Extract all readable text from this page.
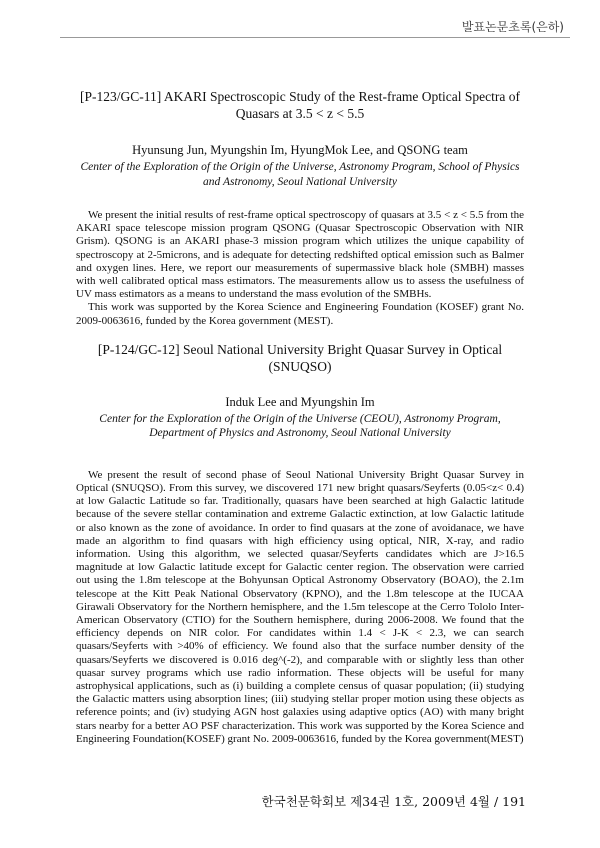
발표논문초록(은하)

[P-123/GC-11] AKARI Spectroscopic Study of the Rest-frame Optical Spectra of Quasars at 3.5 < z < 5.5

Hyunsung Jun, Myungshin Im, HyungMok Lee, and QSONG team

Center of the Exploration of the Origin of the Universe, Astronomy Program, School of Physics and Astronomy, Seoul National University

We present the initial results of rest-frame optical spectroscopy of quasars at 3.5 < z < 5.5 from the AKARI space telescope mission program QSONG (Quasar Spectroscopic Observation with NIR Grism). QSONG is an AKARI phase-3 mission program which utilizes the unique capability of spectroscopy at 2-5microns, and is adequate for detecting redshifted optical emission such as Balmer and oxygen lines. Here, we report our measurements of supermassive black hole (SMBH) masses with well calibrated optical mass estimators. The measurements allow us to assess the usefulness of UV mass estimators as a means to understand the mass evolution of the SMBHs.

This work was supported by the Korea Science and Engineering Foundation (KOSEF) grant No. 2009-0063616, funded by the Korea government (MEST).

[P-124/GC-12] Seoul National University Bright Quasar Survey in Optical (SNUQSO)

Induk Lee and Myungshin Im

Center for the Exploration of the Origin of the Universe (CEOU), Astronomy Program, Department of Physics and Astronomy, Seoul National University

We present the result of second phase of Seoul National University Bright Quasar Survey in Optical (SNUQSO). From this survey, we discovered 171 new bright quasars/Seyferts (0.05<z< 0.4) at low Galactic Latitude so far. Traditionally, quasars have been searched at high Galactic latitude because of the severe stellar contamination and extreme Galactic extinction, at low Galactic latitude or also known as the zone of avoidance. In order to find quasars at the zone of avoidanace, we have made an algorithm to find quasars with high efficiency using optical, NIR, X-ray, and radio information. Using this algorithm, we selected quasar/Seyferts candidates which are J>16.5 magnitude at low Galactic latitude except for Galactic center region. The observation were carried out using the 1.8m telescope at the Bohyunsan Optical Astronomy Observatory (BOAO), the 2.1m telescope at the Kitt Peak National Observatory (KPNO), and the 1.8m telescope at the IUCAA Girawali Observatory for the Northern hemisphere, and the 1.5m telescope at the Cerro Tololo Inter-American Observatory (CTIO) for the Southern hemisphere, during 2006-2008. We found that the efficiency depends on NIR color. For candidates within 1.4 < J-K < 2.3, we can search quasars/Seyferts with >40% of efficiency. We found also that the surface number density of the quasars/Seyferts we discovered is 0.016 deg^(-2), and comparable with or slightly less than other quasar survey programs which use radio information. These objects will be useful for many astrophysical applications, such as (i) building a complete census of quasar population; (ii) studying the Galactic matters using absorption lines; (iii) studying stellar proper motion using these objects as reference points; and (iv) studying AGN host galaxies using adaptive optics (AO) with many bright stars nearby for a better AO PSF characterization. This work was supported by the Korea Science and Engineering Foundation(KOSEF) grant No. 2009-0063616, funded by the Korea government(MEST)

한국천문학회보 제34권 1호, 2009년 4월 / 191
